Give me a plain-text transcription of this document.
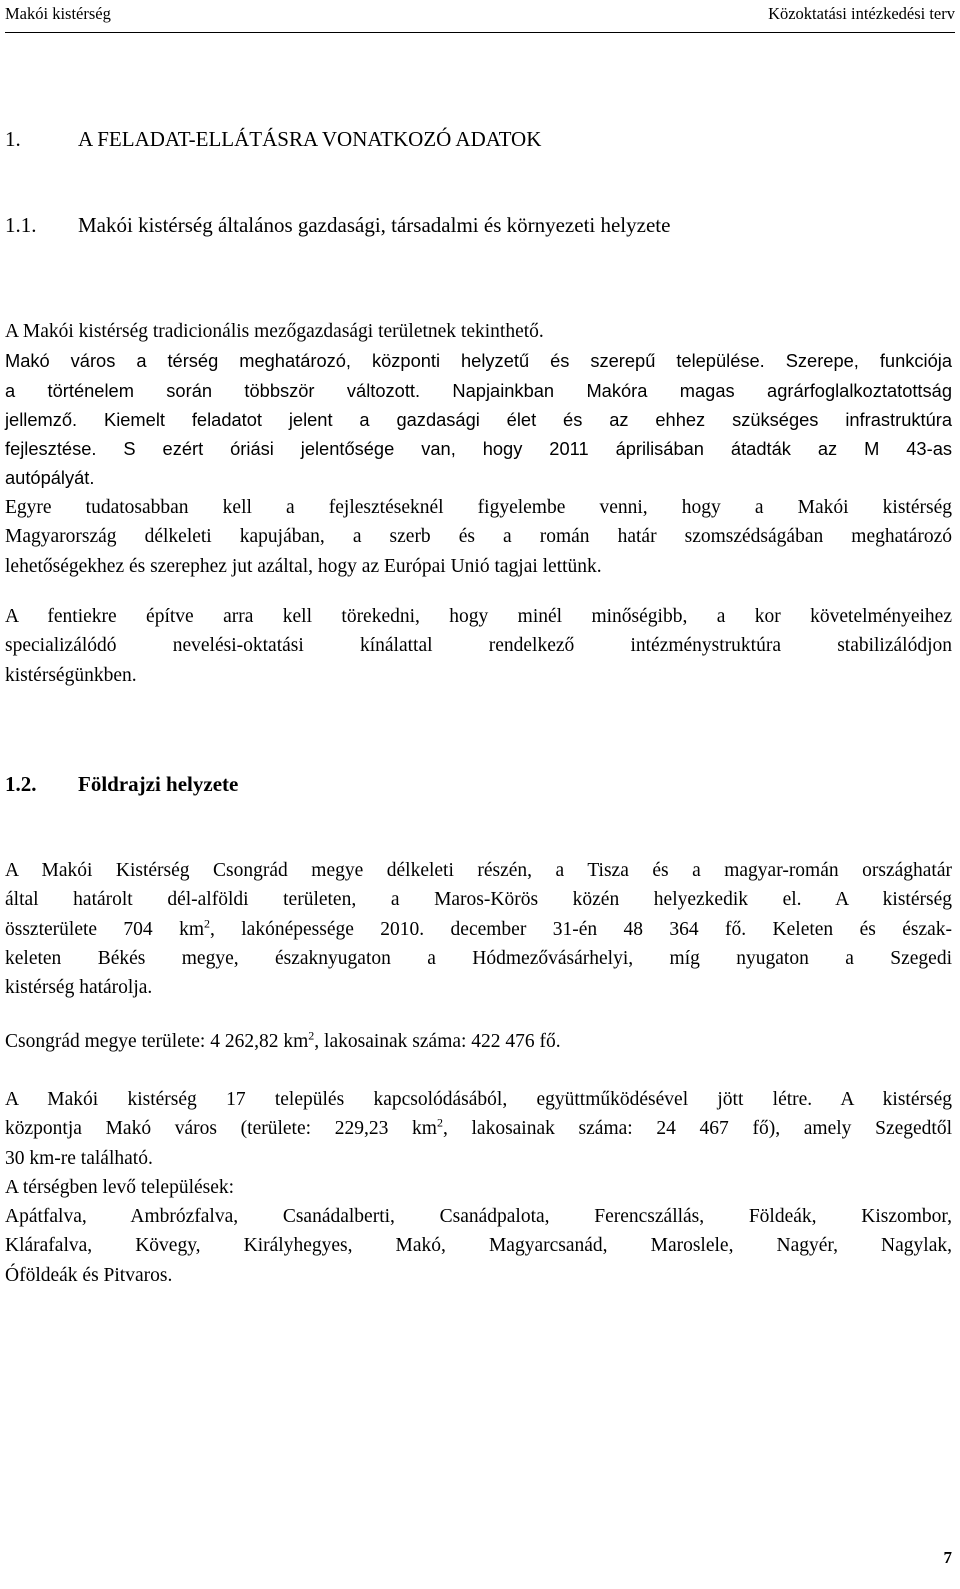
Makói kistérség	Közoktatási intézkedési terv
1.	A FELADAT-ELLÁTÁSRA VONATKOZÓ ADATOK
1.1. Makói kistérség általános gazdasági, társadalmi és környezeti helyzete
A Makói kistérség tradicionális mezőgazdasági területnek tekinthető.
Makó város a térség meghatározó, központi helyzetű és szerepű települése. Szerepe, funkciója
a történelem során többször változott. Napjainkban Makóra magas agrárfoglalkoztatottság
jellemző. Kiemelt feladatot jelent a gazdasági élet és az ehhez szükséges infrastruktúra
fejlesztése. S ezért óriási jelentősége van, hogy 2011 áprilisában átadták az M 43-as
autópályát.
Egyre tudatosabban kell a fejlesztéseknél figyelembe venni, hogy a Makói kistérség
Magyarország délkeleti kapujában, a szerb és a román határ szomszédságában meghatározó
lehetőségekhez és szerephez jut azáltal, hogy az Európai Unió tagjai lettünk.
A fentiekre építve arra kell törekedni, hogy minél minőségibb, a kor követelményeihez
specializálódó nevelési-oktatási kínálattal rendelkező intézménystruktúra stabilizálódjon
kistérségünkben.
1.2. Földrajzi helyzete
A Makói Kistérség Csongrád megye délkeleti részén, a Tisza és a magyar-román országhatár
által határolt dél-alföldi területen, a Maros-Körös közén helyezkedik el. A kistérség
összterülete 704 $km^2$, lakónépessége 2010. december 31-én 48 364 fő. Keleten és észak-
keleten Békés megye, északnyugaton a Hódmezővásárhelyi, míg nyugaton a Szegedi
kistérség határolja.
Csongrád megye területe: 4 262,82 $km^2$, lakosainak száma: 422 476 fő.
A Makói kistérség 17 település kapcsolódásából, együttműködésével jött létre. A kistérség
központja Makó város (területe: 229,23 $km^2$, lakosainak száma: 24 467 fő), amely Szegedtől
30 km-re található.
A térségben levő települések:
Apátfalva, Ambrózfalva, Csanádalberti, Csanádpalota, Ferencszállás, Földeák, Kiszombor,
Klárafalva, Kövegy, Királyhegyes, Makó, Magyarcsanád, Maroslele, Nagyér, Nagylak,
Óföldeák és Pitvaros.
7
